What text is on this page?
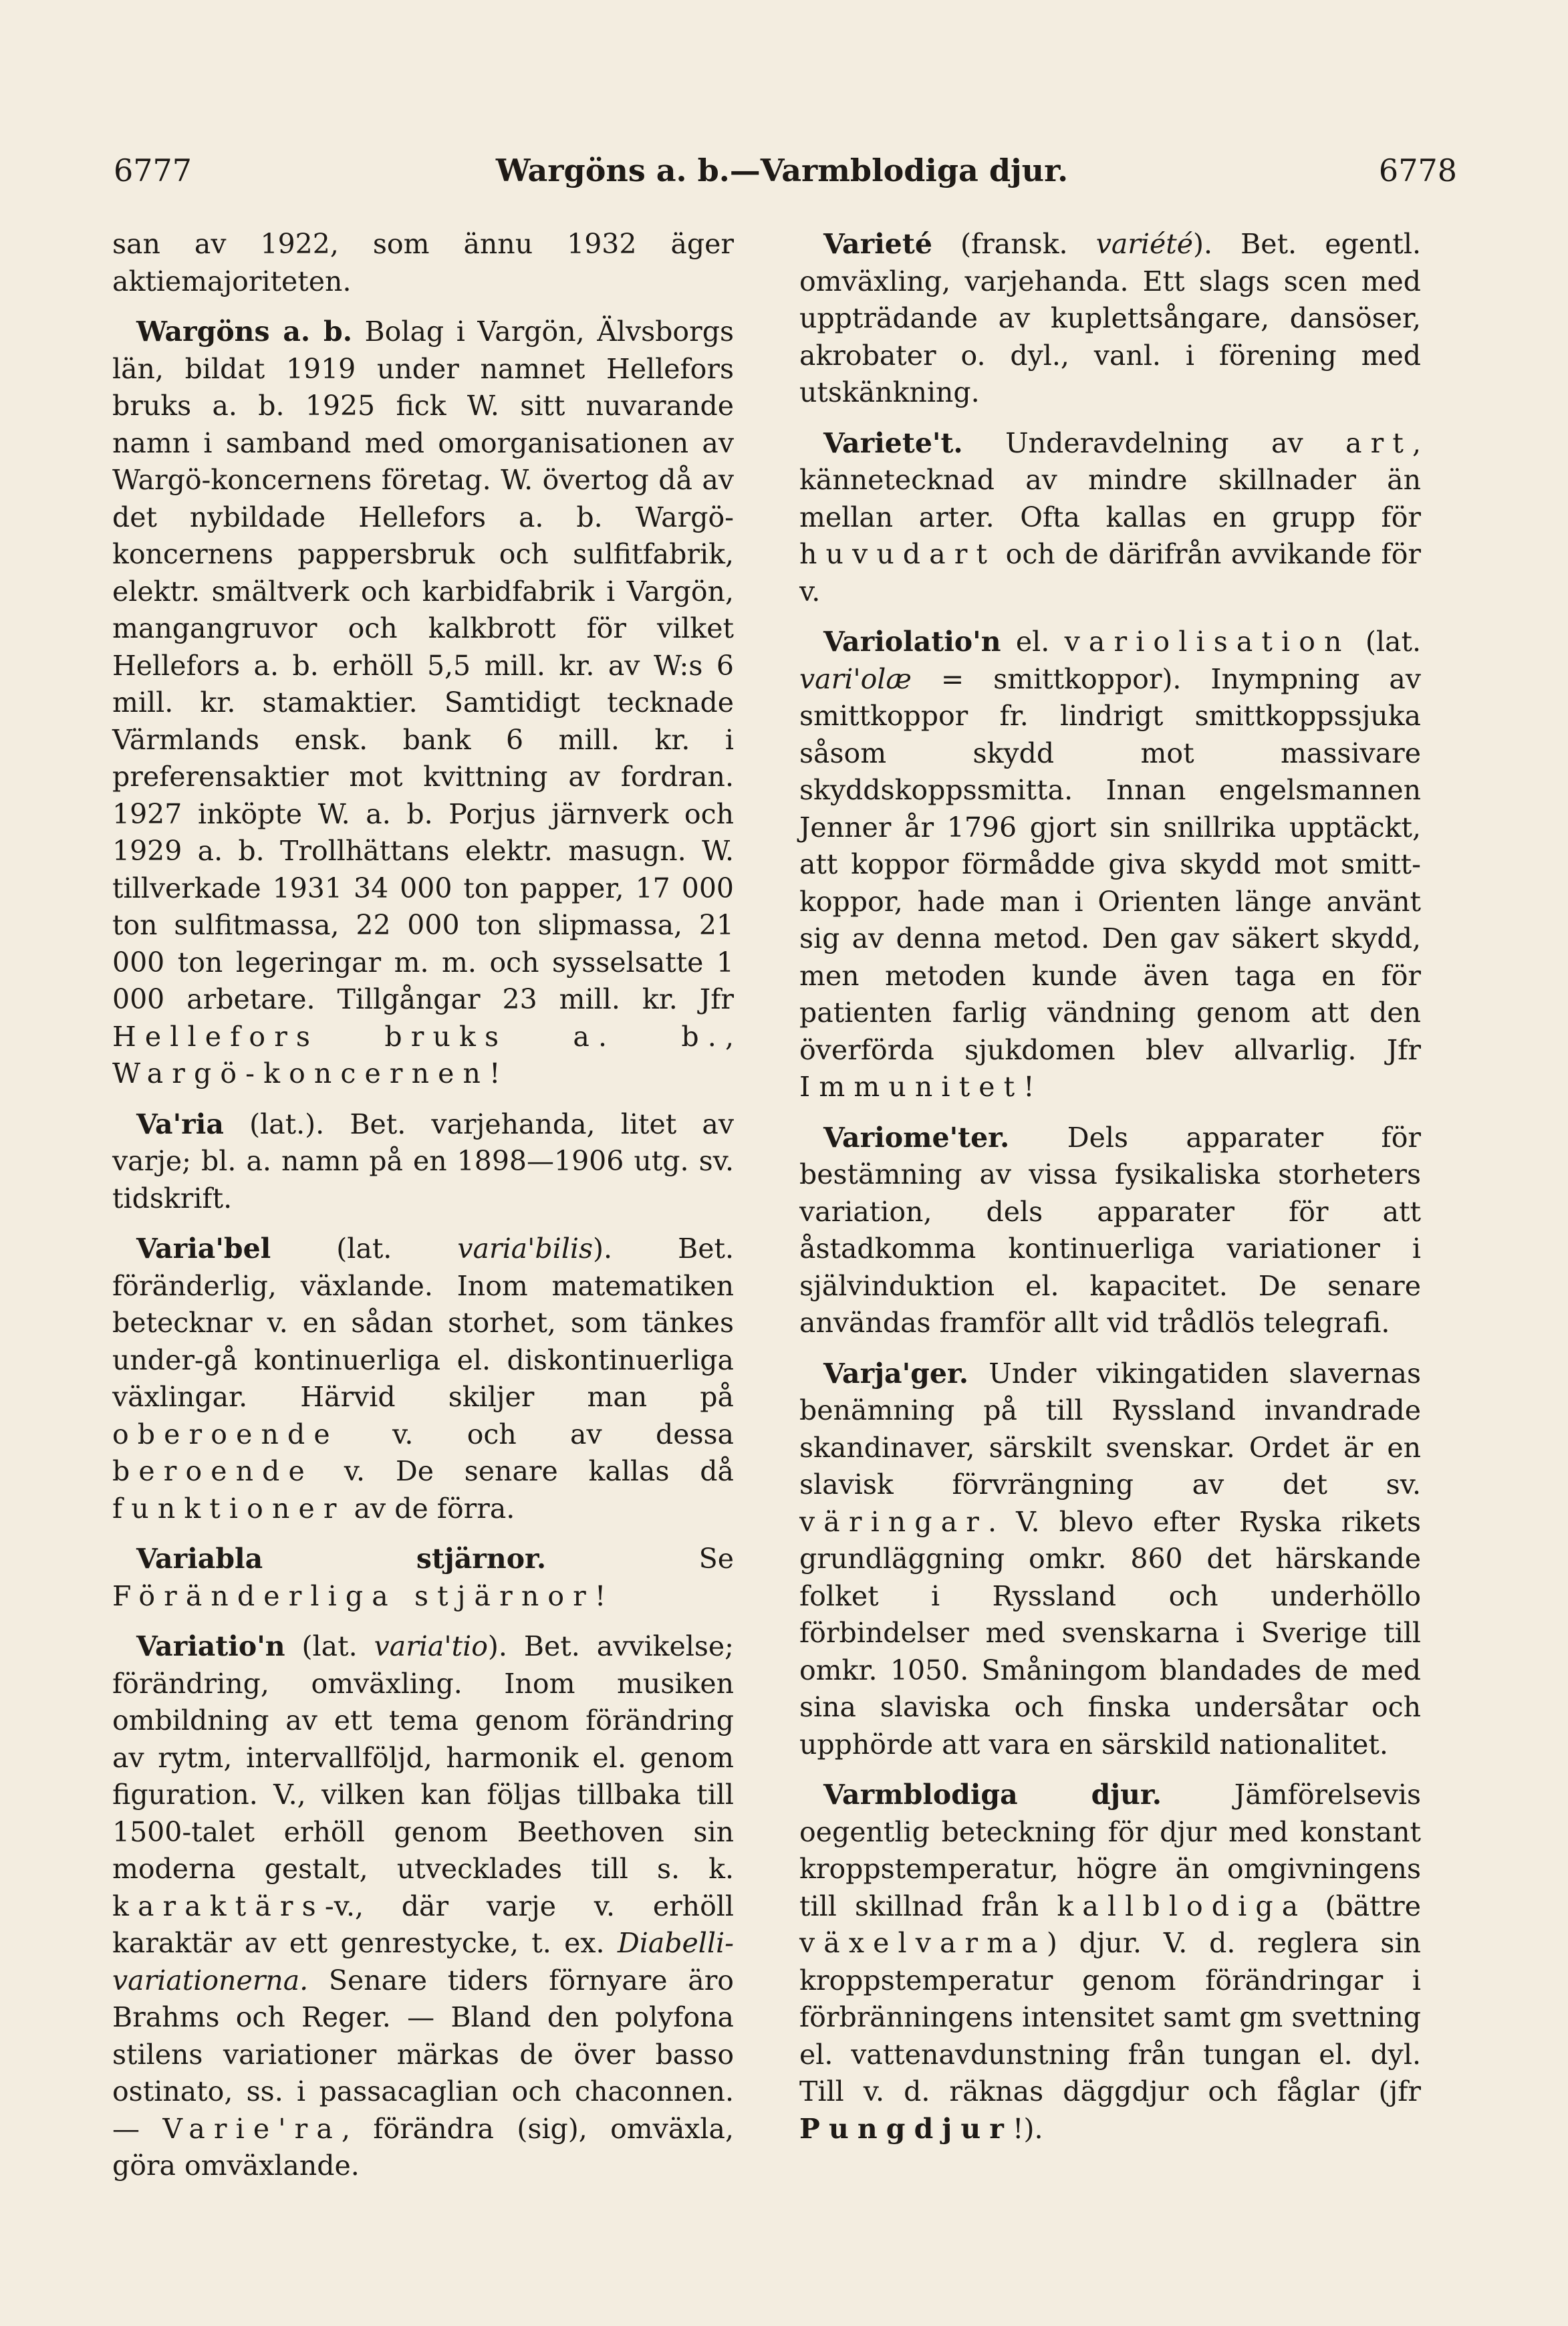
6777	Wargöns a. b.—Varmblodiga djur.	6778

san av 1922, som ännu 1932 äger aktiemajoriteten.

Wargöns a. b. Bolag i Vargön, Älvsborgs län, bildat 1919 under namnet Hellefors bruks a. b. 1925 fick W. sitt nuvarande namn i samband med omorganisationen av Wargö-koncernens företag. W. övertog då av det nybildade Hellefors a. b. Wargö-koncernens pappersbruk och sulfitfabrik, elektr. smältverk och karbidfabrik i Vargön, mangangruvor och kalkbrott för vilket Hellefors a. b. erhöll 5,5 mill. kr. av W:s 6 mill. kr. stamaktier. Samtidigt tecknade Värmlands ensk. bank 6 mill. kr. i preferensaktier mot kvittning av fordran. 1927 inköpte W. a. b. Porjus järnverk och 1929 a. b. Trollhättans elektr. masugn. W. tillverkade 1931 34 000 ton papper, 17 000 ton sulfitmassa, 22 000 ton slipmassa, 21 000 ton legeringar m. m. och sysselsatte 1 000 arbetare. Tillgångar 23 mill. kr. Jfr Hellefors bruks a. b., Wargö-koncernen!

Va'ria (lat.). Bet. varjehanda, litet av varje; bl. a. namn på en 1898—1906 utg. sv. tidskrift.

Varia'bel (lat. varia'bilis). Bet. föränderlig, växlande. Inom matematiken betecknar v. en sådan storhet, som tänkes under-gå kontinuerliga el. diskontinuerliga växlingar. Härvid skiljer man på oberoende v. och av dessa beroende v. De senare kallas då funktioner av de förra.

Variabla stjärnor. Se Föränderliga stjärnor!

Variatio'n (lat. varia'tio). Bet. avvikelse; förändring, omväxling. Inom musiken ombildning av ett tema genom förändring av rytm, intervallföljd, harmonik el. genom figuration. V., vilken kan följas tillbaka till 1500-talet erhöll genom Beethoven sin moderna gestalt, utvecklades till s. k. karaktärs-v., där varje v. erhöll karaktär av ett genrestycke, t. ex. Diabelli-variationerna. Senare tiders förnyare äro Brahms och Reger. — Bland den polyfona stilens variationer märkas de över basso ostinato, ss. i passacaglian och chaconnen. — Varie'ra, förändra (sig), omväxla, göra omväxlande.

Varieté (fransk. variété). Bet. egentl. omväxling, varjehanda. Ett slags scen med uppträdande av kuplettsångare, dansöser, akrobater o. dyl., vanl. i förening med utskänkning.

Variete't. Underavdelning av art, kännetecknad av mindre skillnader än mellan arter. Ofta kallas en grupp för huvudart och de därifrån avvikande för v.

Variolatio'n el. variolisation (lat. vari'olæ = smittkoppor). Inympning av smittkoppor fr. lindrigt smittkoppssjuka såsom skydd mot massivare skyddskoppssmitta. Innan engelsmannen Jenner år 1796 gjort sin snillrika upptäckt, att koppor förmådde giva skydd mot smitt-koppor, hade man i Orienten länge använt sig av denna metod. Den gav säkert skydd, men metoden kunde även taga en för patienten farlig vändning genom att den överförda sjukdomen blev allvarlig. Jfr Immunitet!

Variome'ter. Dels apparater för bestämning av vissa fysikaliska storheters variation, dels apparater för att åstadkomma kontinuerliga variationer i självinduktion el. kapacitet. De senare användas framför allt vid trådlös telegrafi.

Varja'ger. Under vikingatiden slavernas benämning på till Ryssland invandrade skandinaver, särskilt svenskar. Ordet är en slavisk förvrängning av det sv. väringar. V. blevo efter Ryska rikets grundläggning omkr. 860 det härskande folket i Ryssland och underhöllo förbindelser med svenskarna i Sverige till omkr. 1050. Småningom blandades de med sina slaviska och finska undersåtar och upphörde att vara en särskild nationalitet.

Varmblodiga djur. Jämförelsevis oegentlig beteckning för djur med konstant kroppstemperatur, högre än omgivningens till skillnad från kallblodiga (bättre växelvarma) djur. V. d. reglera sin kroppstemperatur genom förändringar i förbränningens intensitet samt gm svettning el. vattenavdunstning från tungan el. dyl. Till v. d. räknas däggdjur och fåglar (jfr Pungdjur!).
